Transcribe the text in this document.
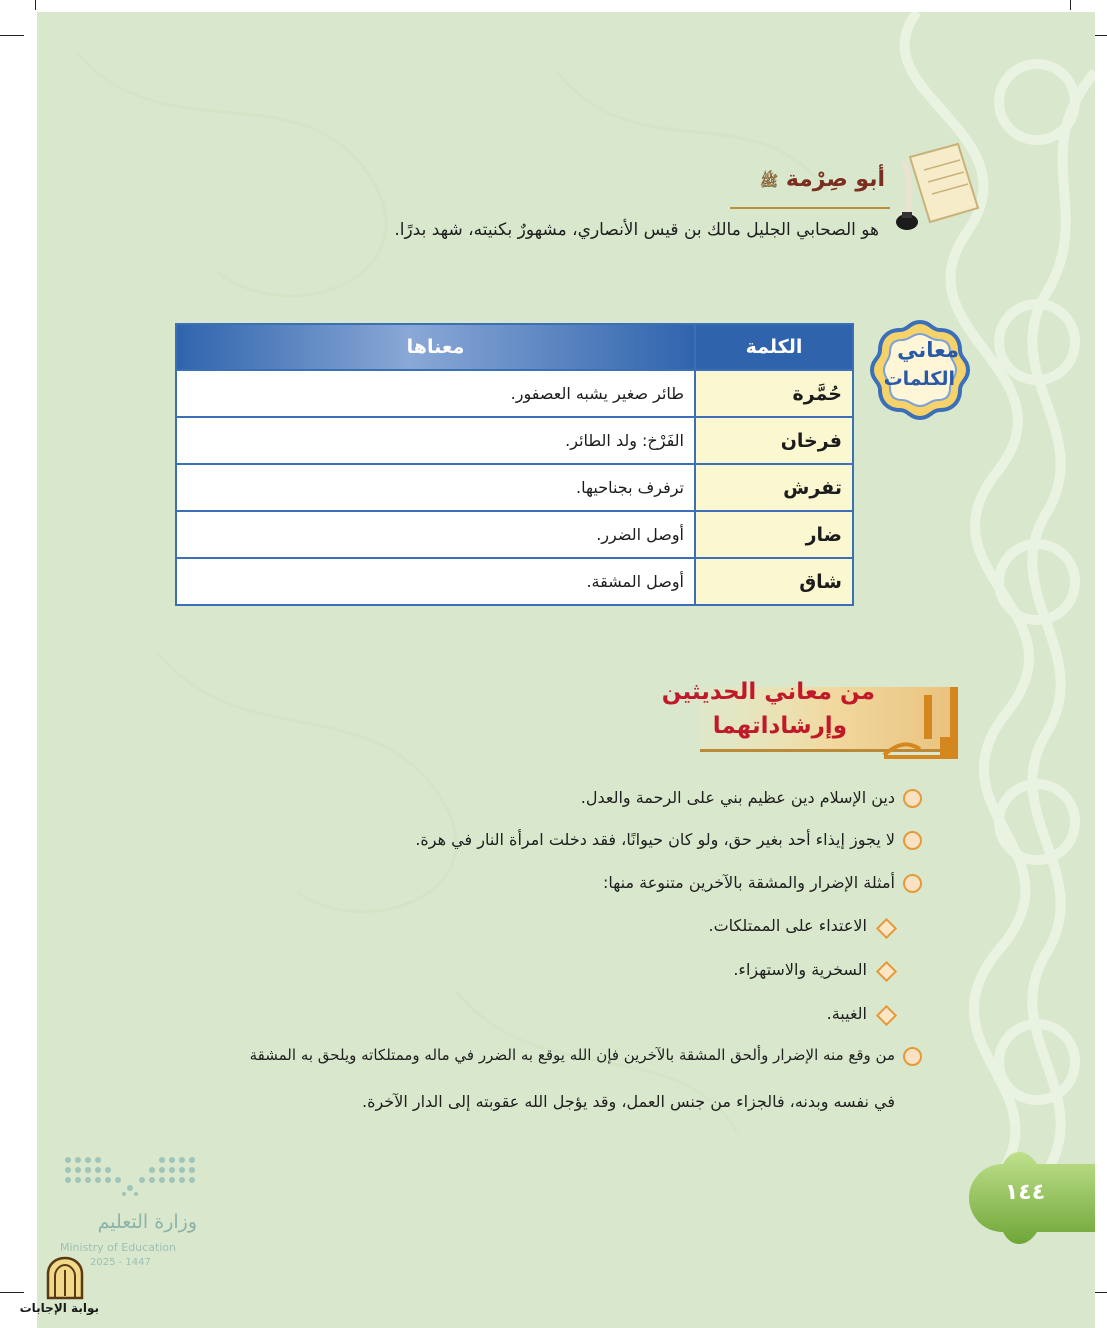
أبو صِرْمة ﷺ
هو الصحابي الجليل مالك بن قيس الأنصاري، مشهورٌ بكنيته، شهد بدرًا.
معاني
الكلمات
الكلمة	معناها
حُمَّرة	طائر صغير يشبه العصفور.
فرخان	الفَرْخ: ولد الطائر.
تفرش	ترفرف بجناحيها.
ضار	أوصل الضرر.
شاق	أوصل المشقة.
من معاني الحديثين
وإرشاداتهما
دين الإسلام دين عظيم بني على الرحمة والعدل.
لا يجوز إيذاء أحد بغير حق، ولو كان حيوانًا، فقد دخلت امرأة النار في هرة.
أمثلة الإضرار والمشقة بالآخرين متنوعة منها:
الاعتداء على الممتلكات.
السخرية والاستهزاء.
الغيبة.
من وقع منه الإضرار وألحق المشقة بالآخرين فإن الله يوقع به الضرر في ماله وممتلكاته ويلحق به المشقة
في نفسه وبدنه، فالجزاء من جنس العمل، وقد يؤجل الله عقوبته إلى الدار الآخرة.
١٤٤
وزارة التعليم
Ministry of Education
2025 - 1447
بوابة الإجابات
